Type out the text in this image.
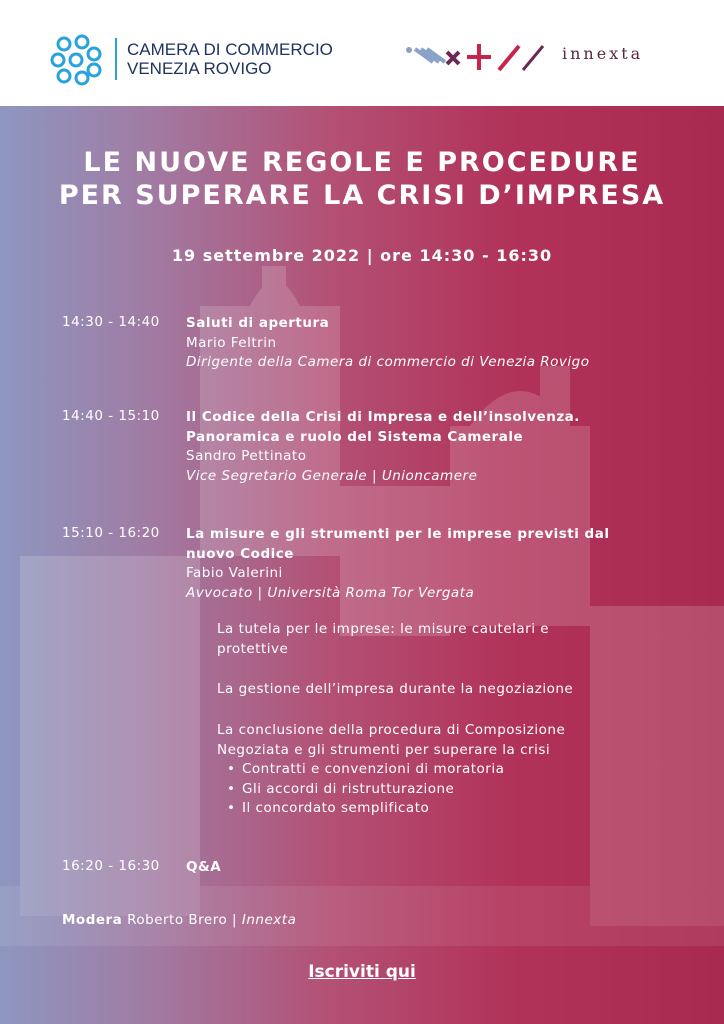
CAMERA DI COMMERCIO
VENEZIA ROVIGO
innexta
LE NUOVE REGOLE E PROCEDURE
PER SUPERARE LA CRISI D’IMPRESA
19 settembre 2022 | ore 14:30 - 16:30
14:30 - 14:40 Saluti di apertura
Mario Feltrin
Dirigente della Camera di commercio di Venezia Rovigo
14:40 - 15:10 Il Codice della Crisi di Impresa e dell’insolvenza.
Panoramica e ruolo del Sistema Camerale
Sandro Pettinato
Vice Segretario Generale | Unioncamere
15:10 - 16:20 La misure e gli strumenti per le imprese previsti dal
nuovo Codice
Fabio Valerini
Avvocato | Università Roma Tor Vergata
La tutela per le imprese: le misure cautelari e
protettive
La gestione dell’impresa durante la negoziazione
La conclusione della procedura di Composizione
Negoziata e gli strumenti per superare la crisi
• Contratti e convenzioni di moratoria
• Gli accordi di ristrutturazione
• Il concordato semplificato
16:20 - 16:30 Q&A
Modera Roberto Brero | Innexta
Iscriviti qui
